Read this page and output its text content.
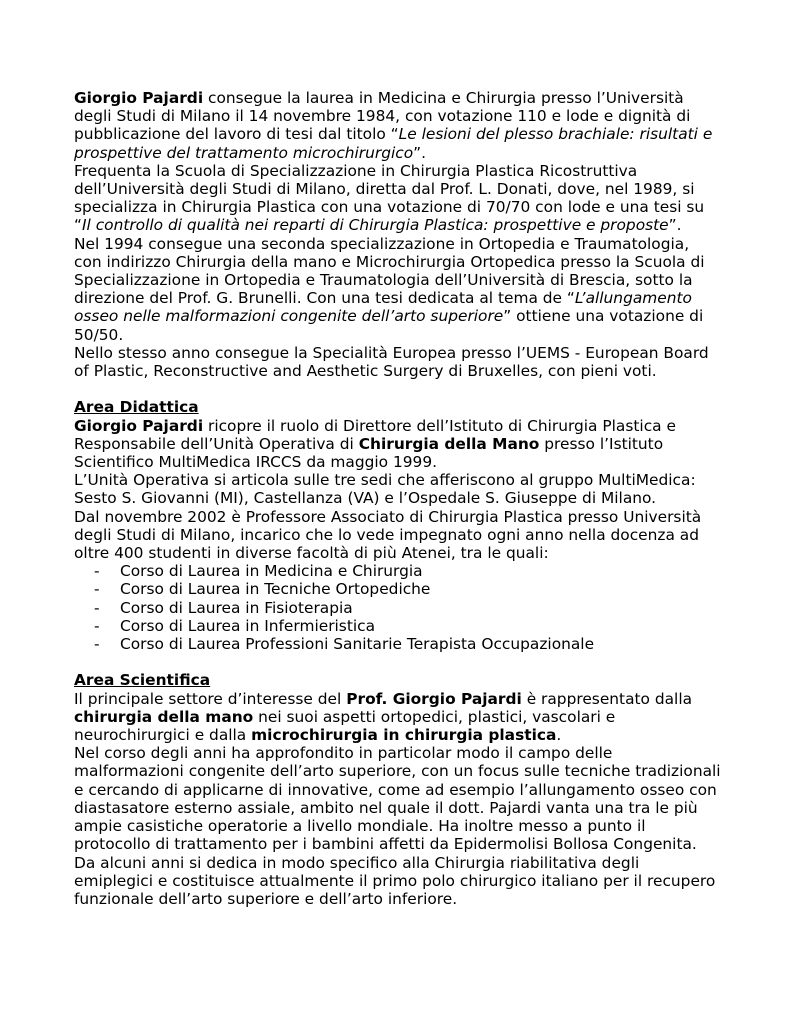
Giorgio Pajardi consegue la laurea in Medicina e Chirurgia presso l’Università degli Studi di Milano il 14 novembre 1984, con votazione 110 e lode e dignità di pubblicazione del lavoro di tesi dal titolo “Le lesioni del plesso brachiale: risultati e prospettive del trattamento microchirurgico”.

Frequenta la Scuola di Specializzazione in Chirurgia Plastica Ricostruttiva dell’Università degli Studi di Milano, diretta dal Prof. L. Donati, dove, nel 1989, si specializza in Chirurgia Plastica con una votazione di 70/70 con lode e una tesi su “Il controllo di qualità nei reparti di Chirurgia Plastica: prospettive e proposte”.

Nel 1994 consegue una seconda specializzazione in Ortopedia e Traumatologia, con indirizzo Chirurgia della mano e Microchirurgia Ortopedica presso la Scuola di Specializzazione in Ortopedia e Traumatologia dell’Università di Brescia, sotto la direzione del Prof. G. Brunelli. Con una tesi dedicata al tema de “L’allungamento osseo nelle malformazioni congenite dell’arto superiore” ottiene una votazione di 50/50.

Nello stesso anno consegue la Specialità Europea presso l’UEMS - European Board of Plastic, Reconstructive and Aesthetic Surgery di Bruxelles, con pieni voti.

Area Didattica

Giorgio Pajardi ricopre il ruolo di Direttore dell’Istituto di Chirurgia Plastica e Responsabile dell’Unità Operativa di Chirurgia della Mano presso l’Istituto Scientifico MultiMedica IRCCS da maggio 1999.

L’Unità Operativa si articola sulle tre sedi che afferiscono al gruppo MultiMedica: Sesto S. Giovanni (MI), Castellanza (VA) e l’Ospedale S. Giuseppe di Milano.

Dal novembre 2002 è Professore Associato di Chirurgia Plastica presso Università degli Studi di Milano, incarico che lo vede impegnato ogni anno nella docenza ad oltre 400 studenti in diverse facoltà di più Atenei, tra le quali:

- Corso di Laurea in Medicina e Chirurgia
- Corso di Laurea in Tecniche Ortopediche
- Corso di Laurea in Fisioterapia
- Corso di Laurea in Infermieristica
- Corso di Laurea Professioni Sanitarie Terapista Occupazionale

Area Scientifica

Il principale settore d’interesse del Prof. Giorgio Pajardi è rappresentato dalla chirurgia della mano nei suoi aspetti ortopedici, plastici, vascolari e neurochirurgici e dalla microchirurgia in chirurgia plastica.

Nel corso degli anni ha approfondito in particolar modo il campo delle malformazioni congenite dell’arto superiore, con un focus sulle tecniche tradizionali e cercando di applicarne di innovative, come ad esempio l’allungamento osseo con diastasatore esterno assiale, ambito nel quale il dott. Pajardi vanta una tra le più ampie casistiche operatorie a livello mondiale. Ha inoltre messo a punto il protocollo di trattamento per i bambini affetti da Epidermolisi Bollosa Congenita.

Da alcuni anni si dedica in modo specifico alla Chirurgia riabilitativa degli emiplegici e costituisce attualmente il primo polo chirurgico italiano per il recupero funzionale dell’arto superiore e dell’arto inferiore.
